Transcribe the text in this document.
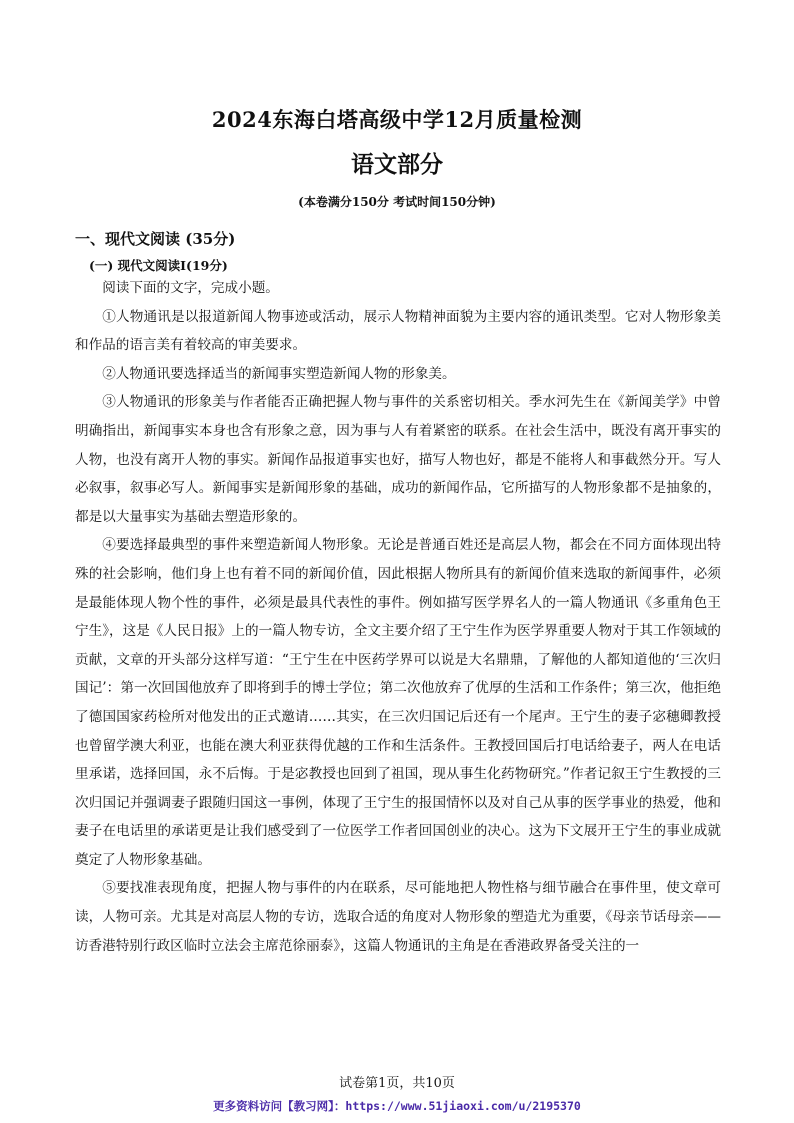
2024东海白塔高级中学12月质量检测
语文部分
(本卷满分150分 考试时间150分钟)
一、现代文阅读 (35分)
(一) 现代文阅读Ⅰ(19分)

阅读下面的文字，完成小题。

①人物通讯是以报道新闻人物事迹或活动，展示人物精神面貌为主要内容的通讯类型。它对人物形象美和作品的语言美有着较高的审美要求。

②人物通讯要选择适当的新闻事实塑造新闻人物的形象美。

③人物通讯的形象美与作者能否正确把握人物与事件的关系密切相关。季水河先生在《新闻美学》中曾明确指出，新闻事实本身也含有形象之意，因为事与人有着紧密的联系。在社会生活中，既没有离开事实的人物，也没有离开人物的事实。新闻作品报道事实也好，描写人物也好，都是不能将人和事截然分开。写人必叙事，叙事必写人。新闻事实是新闻形象的基础，成功的新闻作品，它所描写的人物形象都不是抽象的，都是以大量事实为基础去塑造形象的。

④要选择最典型的事件来塑造新闻人物形象。无论是普通百姓还是高层人物，都会在不同方面体现出特殊的社会影响，他们身上也有着不同的新闻价值，因此根据人物所具有的新闻价值来选取的新闻事件，必须是最能体现人物个性的事件，必须是最具代表性的事件。例如描写医学界名人的一篇人物通讯《多重角色王宁生》，这是《人民日报》上的一篇人物专访，全文主要介绍了王宁生作为医学界重要人物对于其工作领域的贡献，文章的开头部分这样写道：“王宁生在中医药学界可以说是大名鼎鼎，了解他的人都知道他的‘三次归国记’：第一次回国他放弃了即将到手的博士学位；第二次他放弃了优厚的生活和工作条件；第三次，他拒绝了德国国家药检所对他发出的正式邀请……其实，在三次归国记后还有一个尾声。王宁生的妻子宓穗卿教授也曾留学澳大利亚，也能在澳大利亚获得优越的工作和生活条件。王教授回国后打电话给妻子，两人在电话里承诺，选择回国，永不后悔。于是宓教授也回到了祖国，现从事生化药物研究。”作者记叙王宁生教授的三次归国记并强调妻子跟随归国这一事例，体现了王宁生的报国情怀以及对自己从事的医学事业的热爱，他和妻子在电话里的承诺更是让我们感受到了一位医学工作者回国创业的决心。这为下文展开王宁生的事业成就奠定了人物形象基础。

⑤要找准表现角度，把握人物与事件的内在联系，尽可能地把人物性格与细节融合在事件里，使文章可读，人物可亲。尤其是对高层人物的专访，选取合适的角度对人物形象的塑造尤为重要，《母亲节话母亲——访香港特别行政区临时立法会主席范徐丽泰》，这篇人物通讯的主角是在香港政界备受关注的一

试卷第1页，共10页
更多资料访问【教习网】：https://www.51jiaoxi.com/u/2195370
